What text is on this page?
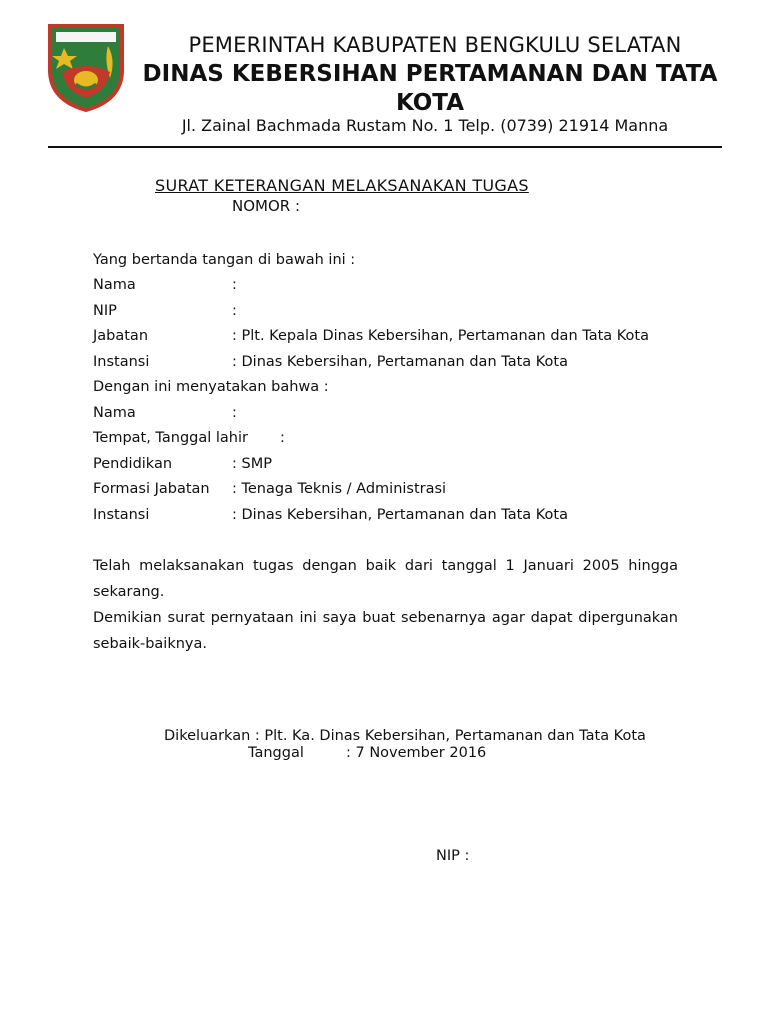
PEMERINTAH KABUPATEN BENGKULU SELATAN
DINAS KEBERSIHAN PERTAMANAN DAN TATA KOTA
Jl. Zainal Bachmada Rustam No. 1 Telp. (0739) 21914 Manna
SURAT KETERANGAN MELAKSANAKAN TUGAS
NOMOR :
Yang bertanda tangan di bawah ini :
Nama	:
NIP	:
Jabatan	: Plt. Kepala Dinas Kebersihan, Pertamanan dan Tata Kota
Instansi	: Dinas Kebersihan, Pertamanan dan Tata Kota
Dengan ini menyatakan bahwa :
Nama	:
Tempat, Tanggal lahir :
Pendidikan	: SMP
Formasi Jabatan : Tenaga Teknis / Administrasi
Instansi	: Dinas Kebersihan, Pertamanan dan Tata Kota
Telah melaksanakan tugas dengan baik dari tanggal 1 Januari 2005 hingga sekarang.
Demikian surat pernyataan ini saya buat sebenarnya agar dapat dipergunakan sebaik-baiknya.
Dikeluarkan : Plt. Ka. Dinas Kebersihan, Pertamanan dan Tata Kota
Tanggal	: 7 November 2016
NIP :
